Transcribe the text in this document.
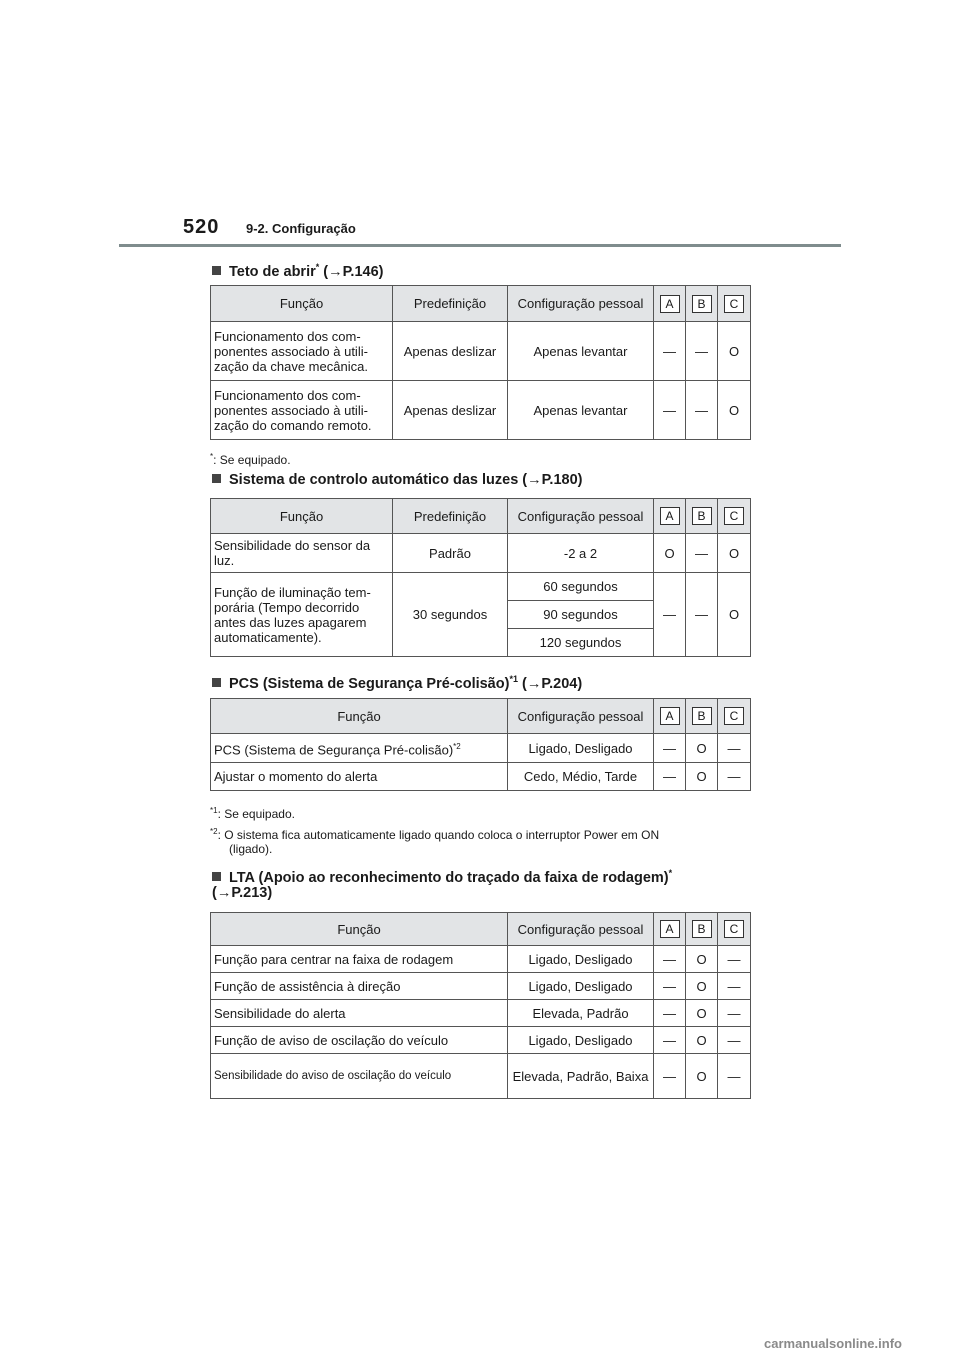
520 9-2. Configuração
Teto de abrir* (→P.146)
Função	Predefinição	Configuração pessoal	A	B	C
Funcionamento dos com-ponentes associado à utili-zação da chave mecânica.	Apenas deslizar	Apenas levantar	—	—	O
Funcionamento dos com-ponentes associado à utili-zação do comando remoto.	Apenas deslizar	Apenas levantar	—	—	O
*: Se equipado.
Sistema de controlo automático das luzes (→P.180)
Função	Predefinição	Configuração pessoal	A	B	C
Sensibilidade do sensor da luz.	Padrão	-2 a 2	O	—	O
Função de iluminação tem-porária (Tempo decorrido antes das luzes apagarem automaticamente).	30 segundos	60 segundos	—	—	O
		90 segundos			
		120 segundos			
PCS (Sistema de Segurança Pré-colisão)$^{*1}$ (→P.204)
Função	Configuração pessoal	A	B	C
PCS (Sistema de Segurança Pré-colisão)$^{*2}$	Ligado, Desligado	—	O	—
Ajustar o momento do alerta	Cedo, Médio, Tarde	—	O	—
$^{*1}$: Se equipado.
$^{*2}$: O sistema fica automaticamente ligado quando coloca o interruptor Power em ON
(ligado).
LTA (Apoio ao reconhecimento do traçado da faixa de rodagem)*
(→P.213)
Função	Configuração pessoal	A	B	C
Função para centrar na faixa de rodagem	Ligado, Desligado	—	O	—
Função de assistência à direção	Ligado, Desligado	—	O	—
Sensibilidade do alerta	Elevada, Padrão	—	O	—
Função de aviso de oscilação do veículo	Ligado, Desligado	—	O	—
Sensibilidade do aviso de oscilação do veículo	Elevada, Padrão, Baixa	—	O	—
carmanualsonline.info
